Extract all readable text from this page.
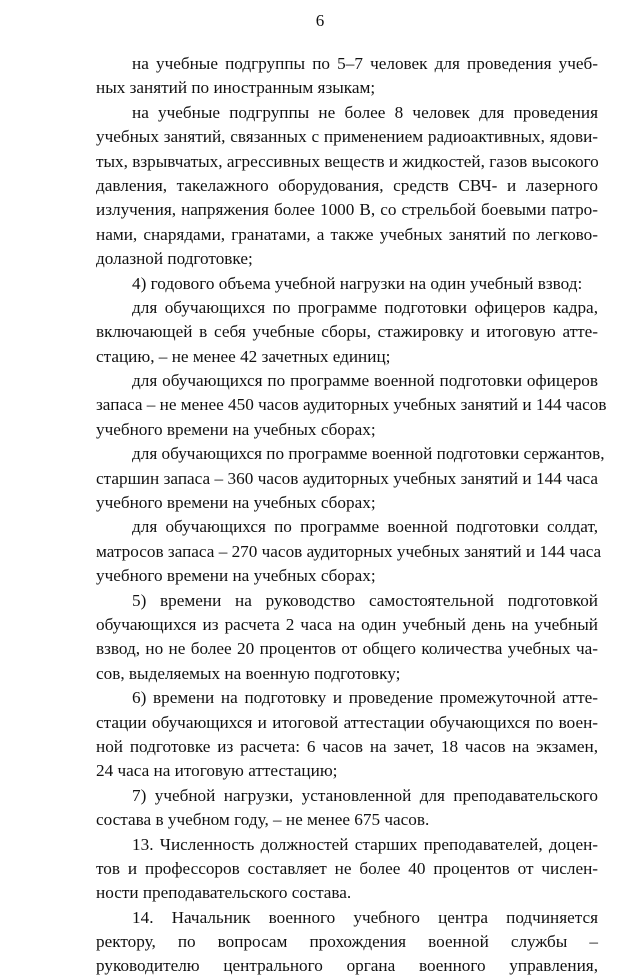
6
на учебные подгруппы по 5–7 человек для проведения учеб-
ных занятий по иностранным языкам;
на учебные подгруппы не более 8 человек для проведения
учебных занятий, связанных с применением радиоактивных, ядови-
тых, взрывчатых, агрессивных веществ и жидкостей, газов высокого
давления, такелажного оборудования, средств СВЧ- и лазерного
излучения, напряжения более 1000 В, со стрельбой боевыми патро-
нами, снарядами, гранатами, а также учебных занятий по легково-
долазной подготовке;
4) годового объема учебной нагрузки на один учебный взвод:
для обучающихся по программе подготовки офицеров кадра,
включающей в себя учебные сборы, стажировку и итоговую атте-
стацию, – не менее 42 зачетных единиц;
для обучающихся по программе военной подготовки офицеров
запаса – не менее 450 часов аудиторных учебных занятий и 144 часов
учебного времени на учебных сборах;
для обучающихся по программе военной подготовки сержантов,
старшин запаса – 360 часов аудиторных учебных занятий и 144 часа
учебного времени на учебных сборах;
для обучающихся по программе военной подготовки солдат,
матросов запаса – 270 часов аудиторных учебных занятий и 144 часа
учебного времени на учебных сборах;
5) времени на руководство самостоятельной подготовкой
обучающихся из расчета 2 часа на один учебный день на учебный
взвод, но не более 20 процентов от общего количества учебных ча-
сов, выделяемых на военную подготовку;
6) времени на подготовку и проведение промежуточной атте-
стации обучающихся и итоговой аттестации обучающихся по воен-
ной подготовке из расчета: 6 часов на зачет, 18 часов на экзамен,
24 часа на итоговую аттестацию;
7) учебной нагрузки, установленной для преподавательского
состава в учебном году, – не менее 675 часов.
13. Численность должностей старших преподавателей, доцен-
тов и профессоров составляет не более 40 процентов от числен-
ности преподавательского состава.
14. Начальник военного учебного центра подчиняется
ректору, по вопросам прохождения военной службы –
руководителю центрального органа военного управления,
